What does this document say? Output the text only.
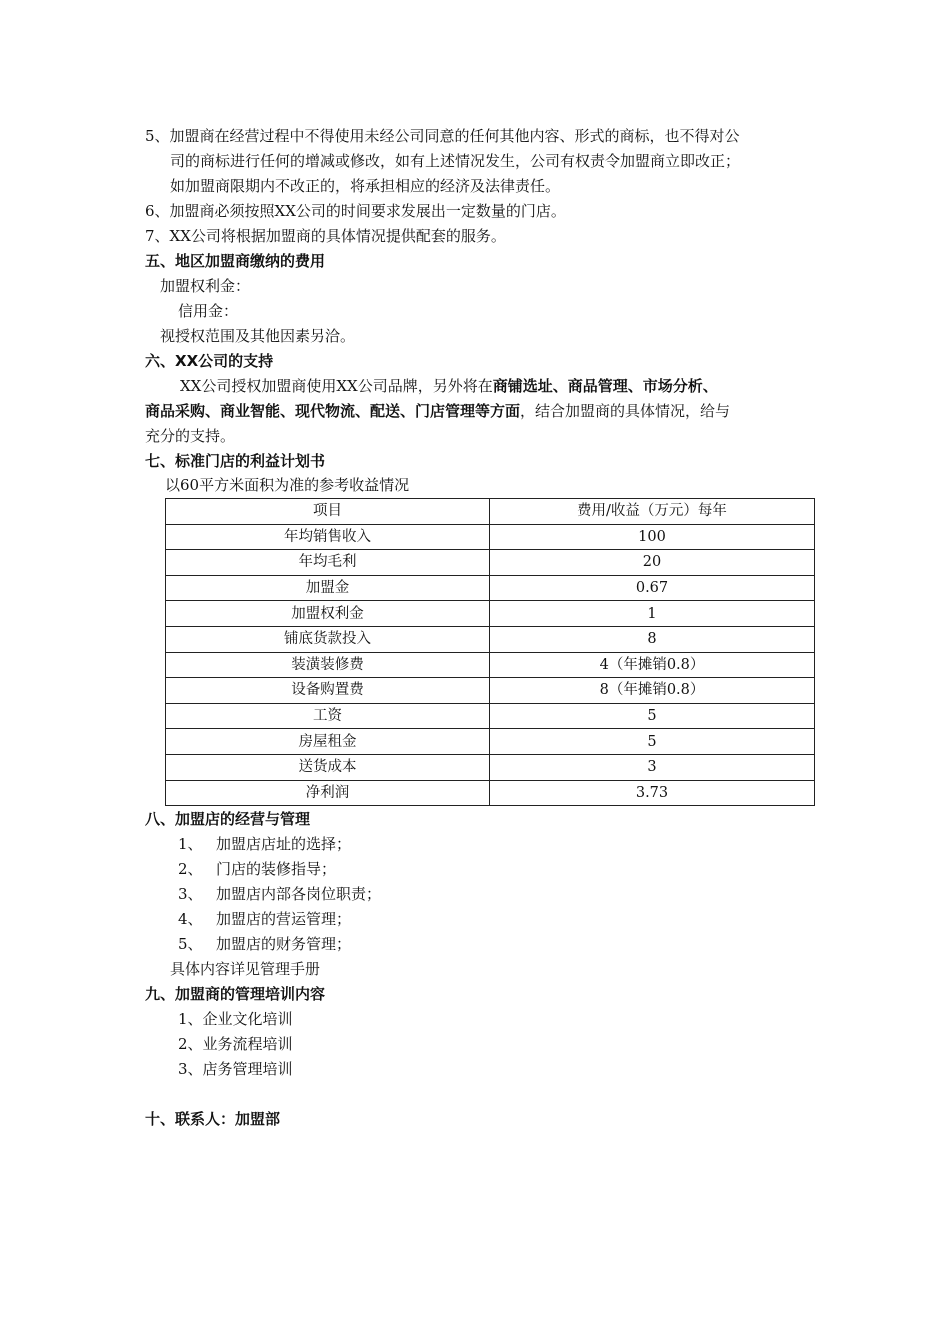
5、加盟商在经营过程中不得使用未经公司同意的任何其他内容、形式的商标，也不得对公
司的商标进行任何的增减或修改，如有上述情况发生，公司有权责令加盟商立即改正；
如加盟商限期内不改正的，将承担相应的经济及法律责任。
6、加盟商必须按照XX公司的时间要求发展出一定数量的门店。
7、XX公司将根据加盟商的具体情况提供配套的服务。
五、地区加盟商缴纳的费用
加盟权利金：
信用金：
视授权范围及其他因素另洽。
六、XX公司的支持
XX公司授权加盟商使用XX公司品牌，另外将在商铺选址、商品管理、市场分析、
商品采购、商业智能、现代物流、配送、门店管理等方面，结合加盟商的具体情况，给与
充分的支持。
七、标准门店的利益计划书
以60平方米面积为准的参考收益情况
项目	费用/收益（万元）每年
年均销售收入	100
年均毛利	20
加盟金	0.67
加盟权利金	1
铺底货款投入	8
装潢装修费	4（年摊销0.8）
设备购置费	8（年摊销0.8）
工资	5
房屋租金	5
送货成本	3
净利润	3.73
八、加盟店的经营与管理
1、 加盟店店址的选择；
2、 门店的装修指导；
3、 加盟店内部各岗位职责；
4、 加盟店的营运管理；
5、 加盟店的财务管理；
具体内容详见管理手册
九、加盟商的管理培训内容
1、企业文化培训
2、业务流程培训
3、店务管理培训
十、联系人：加盟部
